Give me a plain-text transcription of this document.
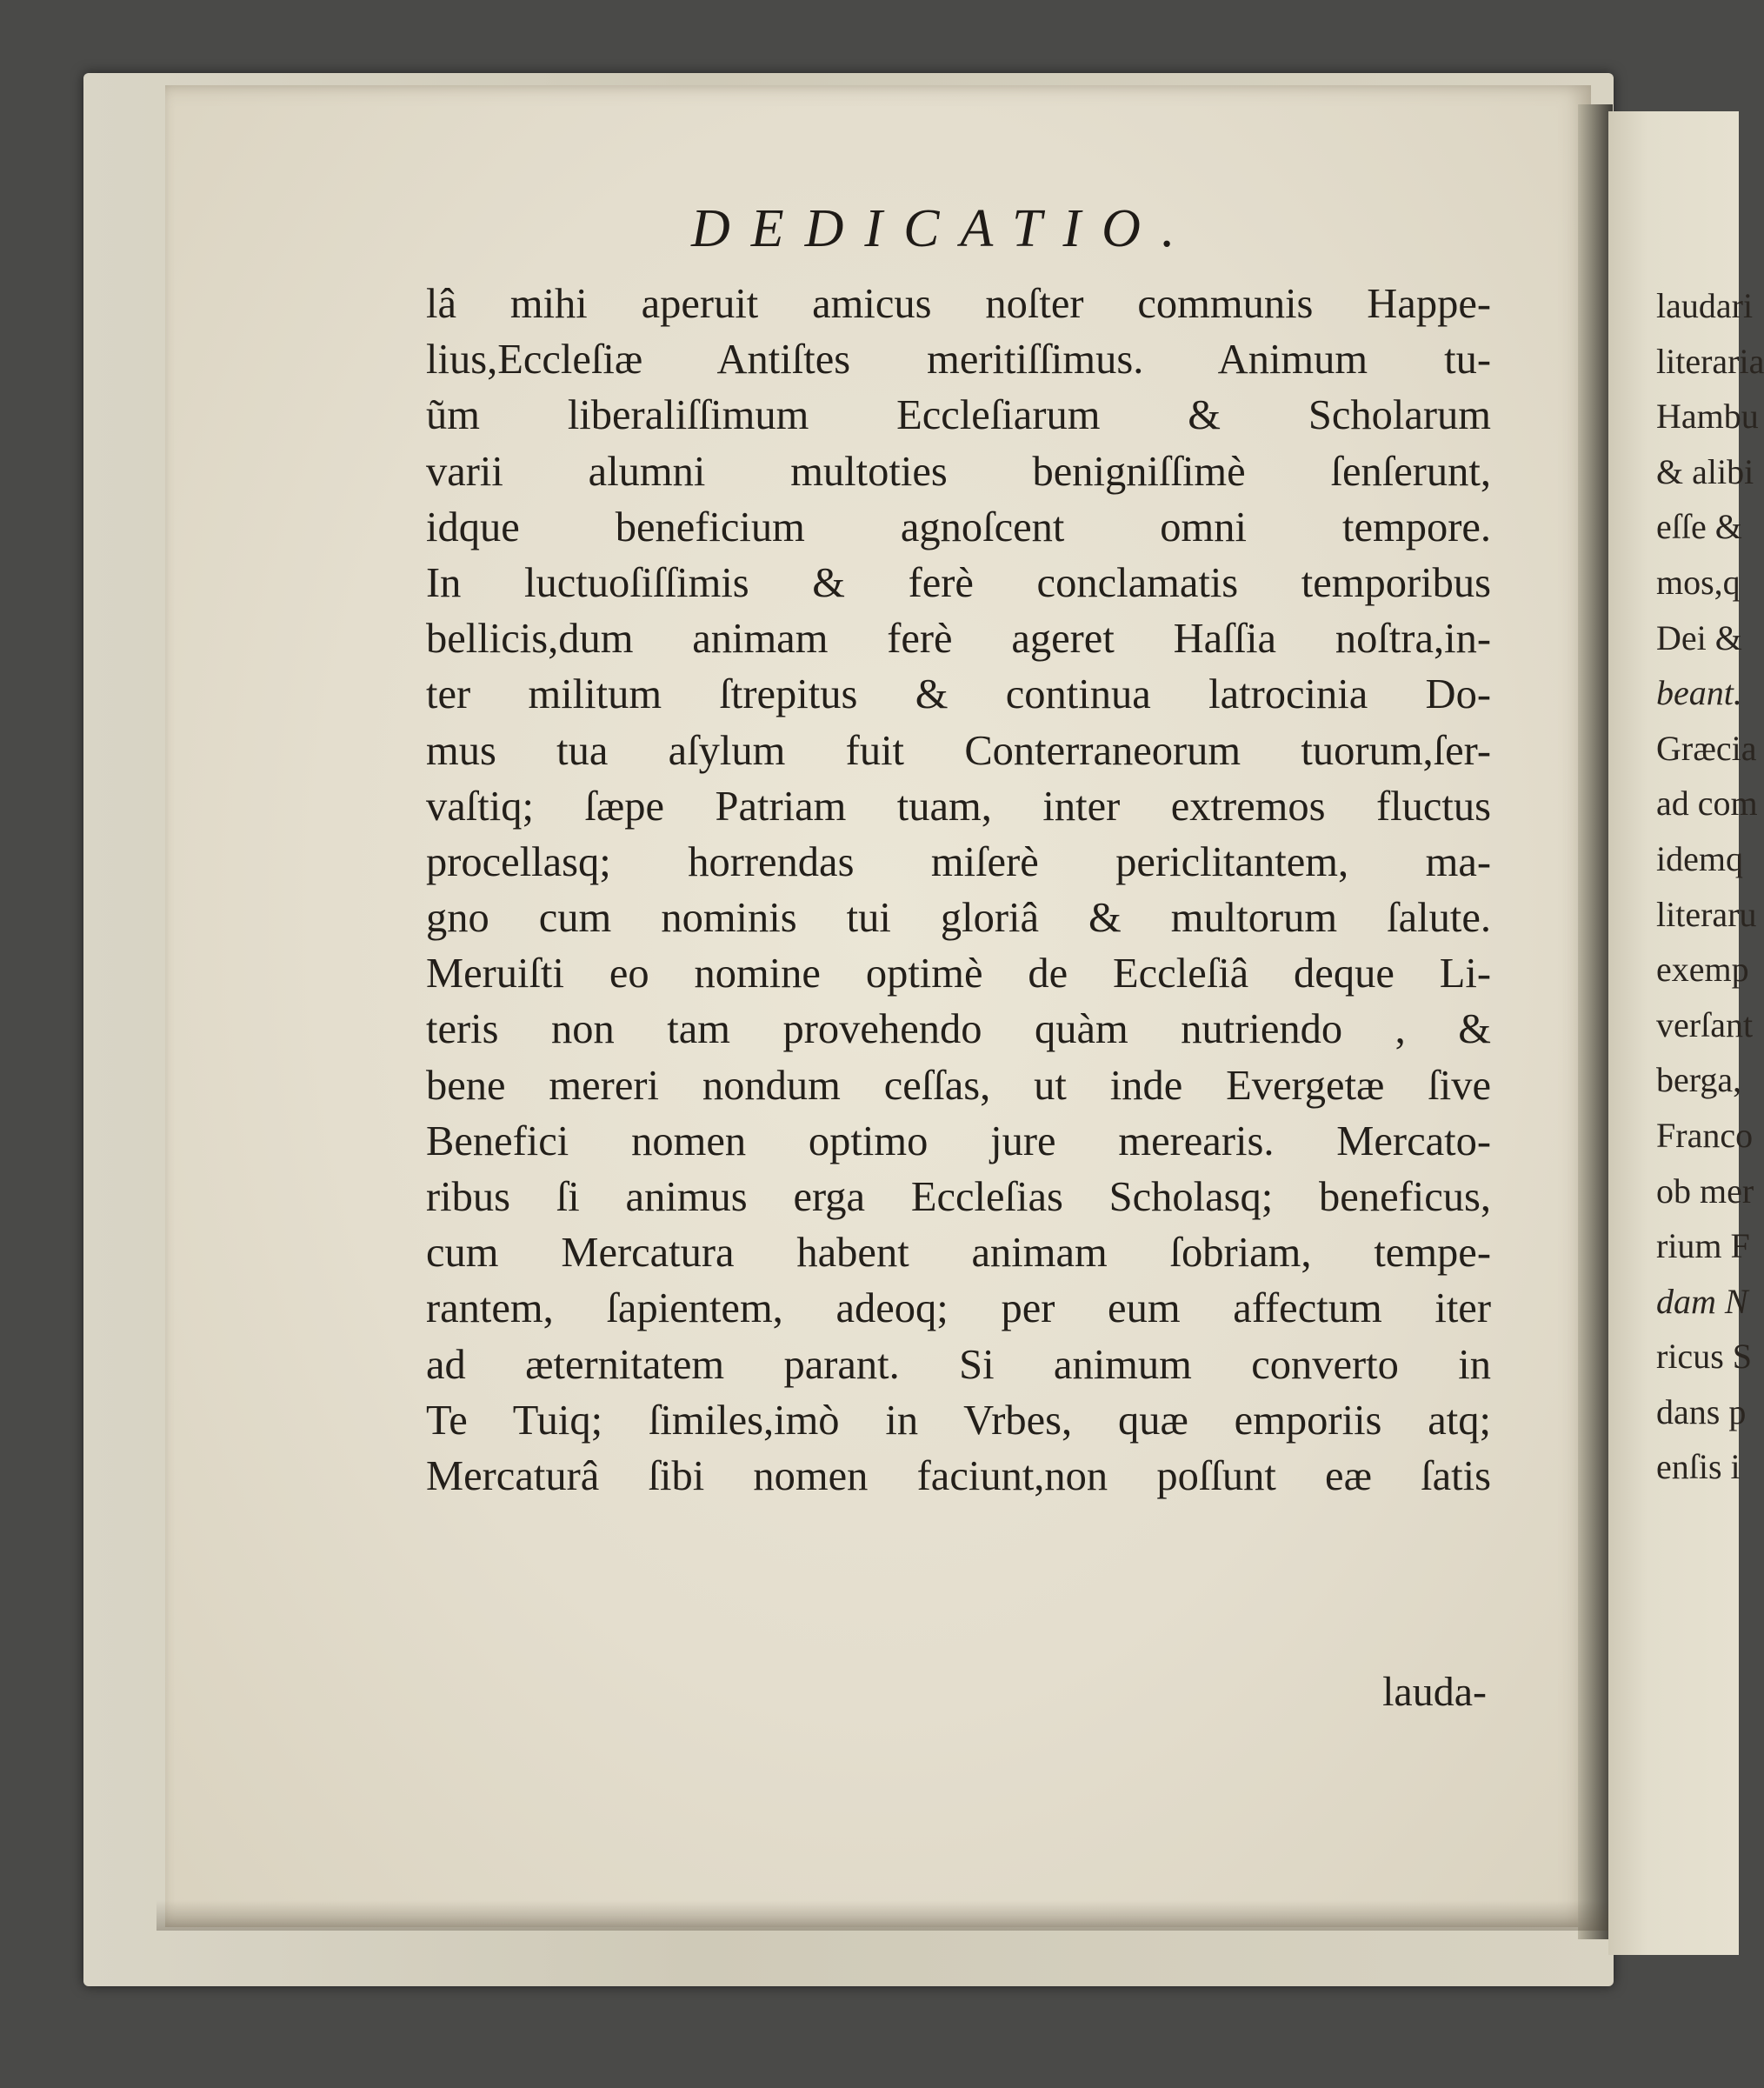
DEDICATIO.
lâ mihi aperuit amicus noſter communis Happe-
lius,Eccleſiæ Antiſtes meritiſſimus. Animum tu-
ũm liberaliſſimum Eccleſiarum & Scholarum
varii alumni multoties benigniſſimè ſenſerunt,
idque beneficium agnoſcent omni tempore.
In luctuoſiſſimis & ferè conclamatis temporibus
bellicis,dum animam ferè ageret Haſſia noſtra,in-
ter militum ſtrepitus & continua latrocinia Do-
mus tua aſylum fuit Conterraneorum tuorum,ſer-
vaſtiq; ſæpe Patriam tuam, inter extremos fluctus
procellasq; horrendas miſerè periclitantem, ma-
gno cum nominis tui gloriâ & multorum ſalute.
Meruiſti eo nomine optimè de Eccleſiâ deque Li-
teris non tam provehendo quàm nutriendo , &
bene mereri nondum ceſſas, ut inde Evergetæ ſive
Benefici nomen optimo jure merearis. Mercato-
ribus ſi animus erga Eccleſias Scholasq; beneficus,
cum Mercatura habent animam ſobriam, tempe-
rantem, ſapientem, adeoq; per eum affectum iter
ad æternitatem parant. Si animum converto in
Te Tuiq; ſimiles,imò in Vrbes, quæ emporiis atq;
Mercaturâ ſibi nomen faciunt,non poſſunt eæ ſatis
lauda-
laudari
literaria
Hambu
& alibi
eſſe &
mos,q
Dei &
beant.
Græcia
ad com
idemq
literaru
exemp
verſant
berga,
Franco
ob mer
rium F
dam N
ricus S
dans p
enſis i
